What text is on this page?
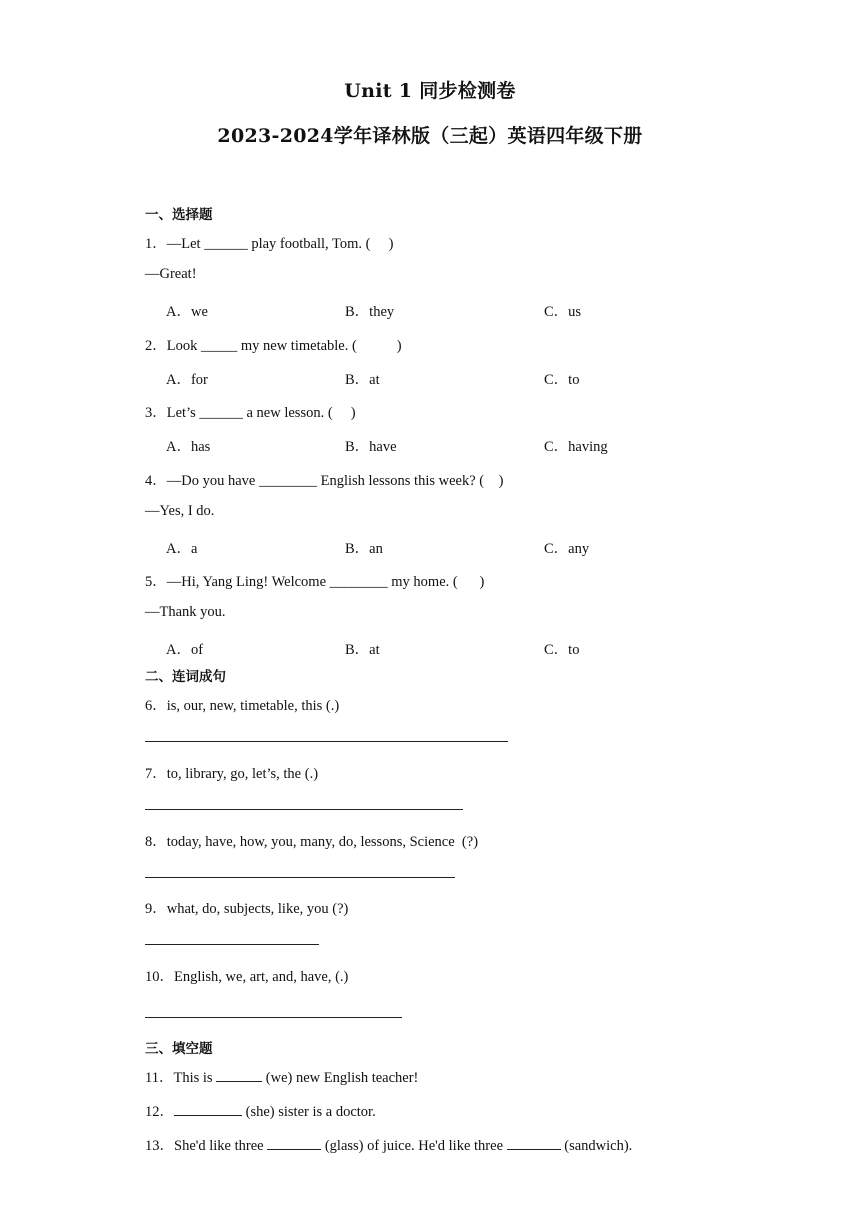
Unit 1 同步检测卷
2023-2024学年译林版（三起）英语四年级下册
一、选择题
1．—Let ______ play football, Tom. (     )
—Great!
A．we	B．they	C．us
2．Look _____ my new timetable. (           )
A．for	B．at	C．to
3．Let’s ______ a new lesson. (     )
A．has	B．have	C．having
4．—Do you have ________ English lessons this week? (    )
—Yes, I do.
A．a	B．an	C．any
5．—Hi, Yang Ling! Welcome ________ my home. (      )
—Thank you.
A．of	B．at	C．to
二、连词成句
6．is, our, new, timetable, this (.)
7．to, library, go, let’s, the (.)
8．today, have, how, you, many, do, lessons, Science  (?)
9．what, do, subjects, like, you (?)
10．English, we, art, and, have, (.)
三、填空题
11．This is	(we) new English teacher!
12．	(she) sister is a doctor.
13．She'd like three	(glass) of juice. He'd like three	(sandwich).
